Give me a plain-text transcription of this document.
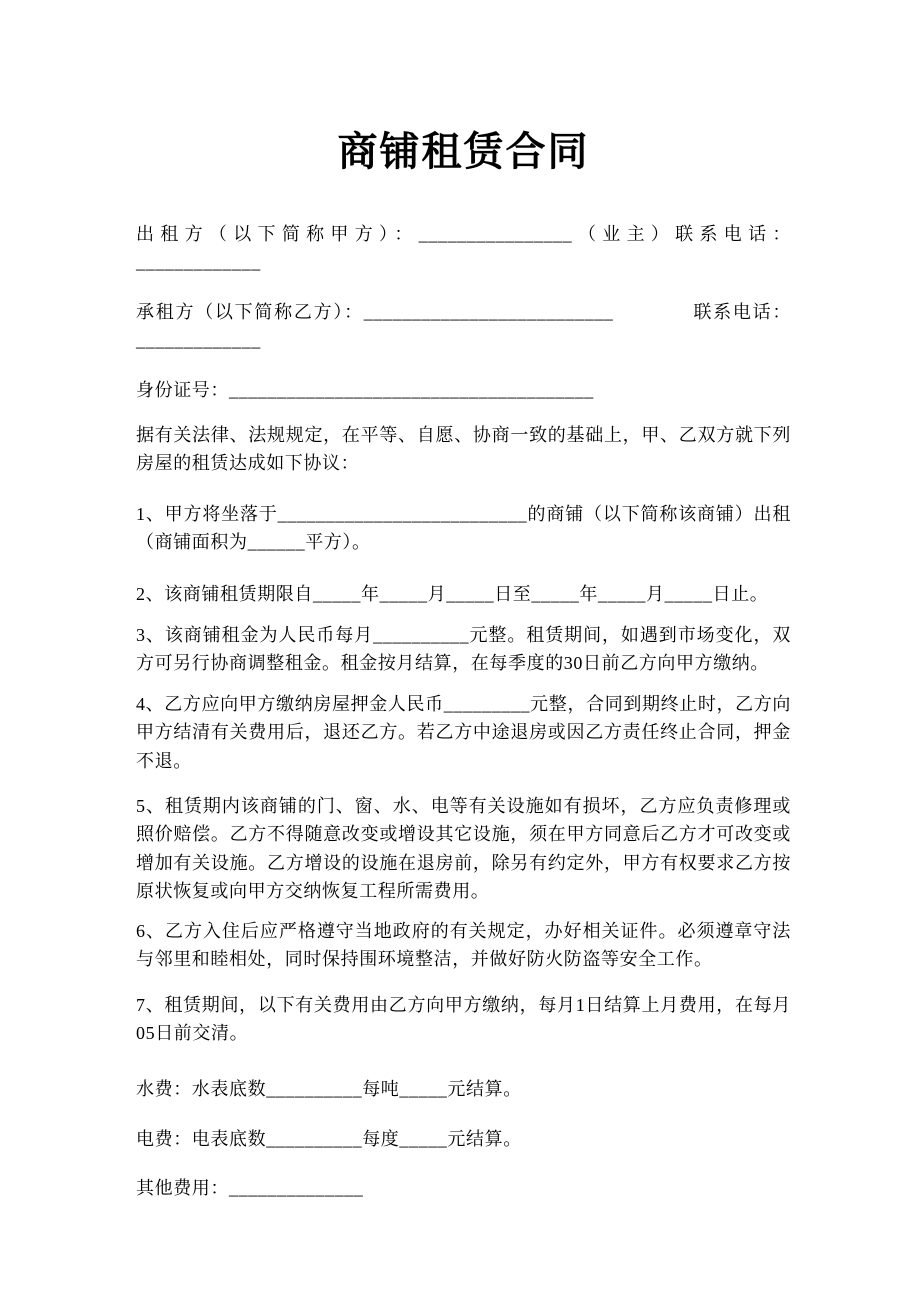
商铺租赁合同
出租方（以下简称甲方）：________________（业主）联系电话：_____________
承租方（以下简称乙方）：__________________________　　　　联系电话：_____________
身份证号：______________________________________
据有关法律、法规规定，在平等、自愿、协商一致的基础上，甲、乙双方就下列房屋的租赁达成如下协议：
1、甲方将坐落于__________________________的商铺（以下简称该商铺）出租（商铺面积为______平方）。
2、该商铺租赁期限自_____年_____月_____日至_____年_____月_____日止。
3、该商铺租金为人民币每月__________元整。租赁期间，如遇到市场变化，双方可另行协商调整租金。租金按月结算，在每季度的30日前乙方向甲方缴纳。
4、乙方应向甲方缴纳房屋押金人民币_________元整，合同到期终止时，乙方向甲方结清有关费用后，退还乙方。若乙方中途退房或因乙方责任终止合同，押金不退。
5、租赁期内该商铺的门、窗、水、电等有关设施如有损坏，乙方应负责修理或照价赔偿。乙方不得随意改变或增设其它设施，须在甲方同意后乙方才可改变或增加有关设施。乙方增设的设施在退房前，除另有约定外，甲方有权要求乙方按原状恢复或向甲方交纳恢复工程所需费用。
6、乙方入住后应严格遵守当地政府的有关规定，办好相关证件。必须遵章守法与邻里和睦相处，同时保持围环境整洁，并做好防火防盗等安全工作。
7、租赁期间，以下有关费用由乙方向甲方缴纳，每月1日结算上月费用，在每月05日前交清。
水费：水表底数__________每吨_____元结算。
电费：电表底数__________每度_____元结算。
其他费用：______________
